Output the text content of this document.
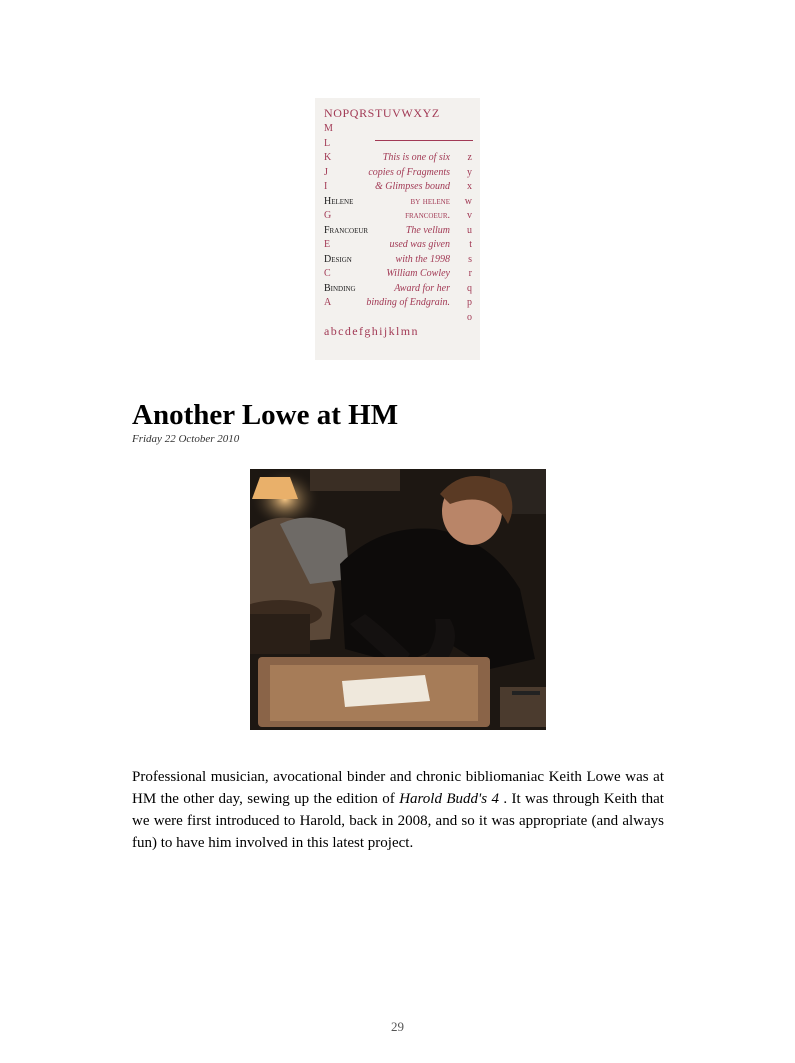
NOPQRSTUVWXYZ
M
L
K	This is one of six z
J	copies of Fragments y
I	& Glimpses bound x
Helene	by helene w
G	francoeur. v
Francoeur	The vellum u
E	used was given t
Design	with the 1998 s
C	William Cowley r
Binding	Award for her q
A	binding of Endgrain. p
o
abcdefghijklmn
Another Lowe at HM
Friday 22 October 2010

Professional musician, avocational binder and chronic bibliomaniac Keith Lowe was at HM the other day, sewing up the edition of Harold Budd's 4 . It was through Keith that we were first introduced to Harold, back in 2008, and so it was appropriate (and always fun) to have him involved in this latest project.

29
